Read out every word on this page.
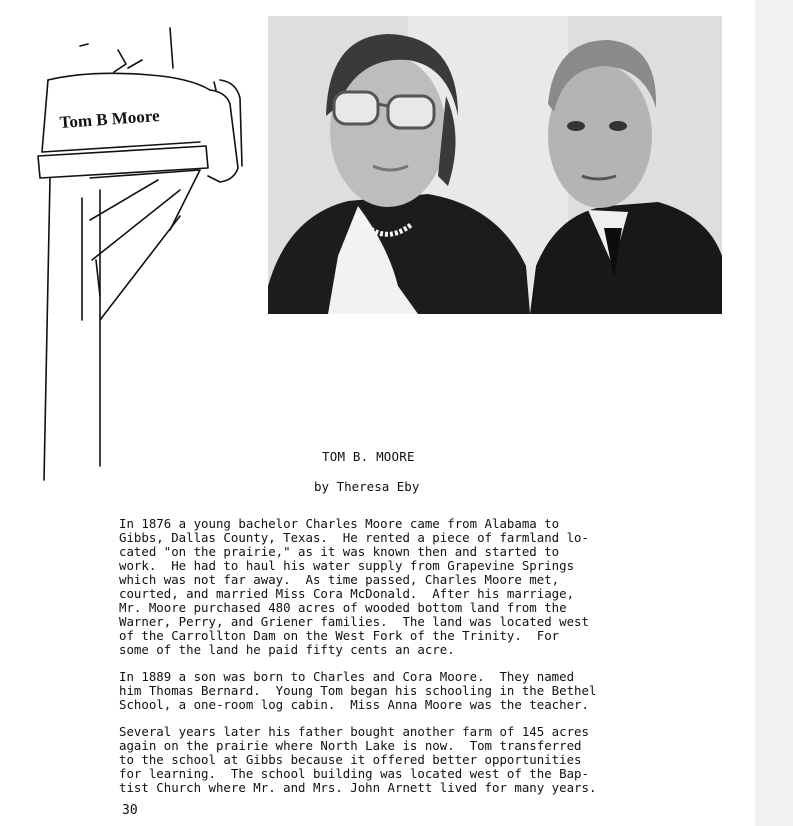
Tom B Moore
TOM B. MOORE
by Theresa Eby

In 1876 a young bachelor Charles Moore came from Alabama to
Gibbs, Dallas County, Texas.  He rented a piece of farmland lo-
cated "on the prairie," as it was known then and started to
work.  He had to haul his water supply from Grapevine Springs
which was not far away.  As time passed, Charles Moore met,
courted, and married Miss Cora McDonald.  After his marriage,
Mr. Moore purchased 480 acres of wooded bottom land from the
Warner, Perry, and Griener families.  The land was located west
of the Carrollton Dam on the West Fork of the Trinity.  For
some of the land he paid fifty cents an acre.

In 1889 a son was born to Charles and Cora Moore.  They named
him Thomas Bernard.  Young Tom began his schooling in the Bethel
School, a one-room log cabin.  Miss Anna Moore was the teacher.

Several years later his father bought another farm of 145 acres
again on the prairie where North Lake is now.  Tom transferred
to the school at Gibbs because it offered better opportunities
for learning.  The school building was located west of the Bap-
tist Church where Mr. and Mrs. John Arnett lived for many years.

30
